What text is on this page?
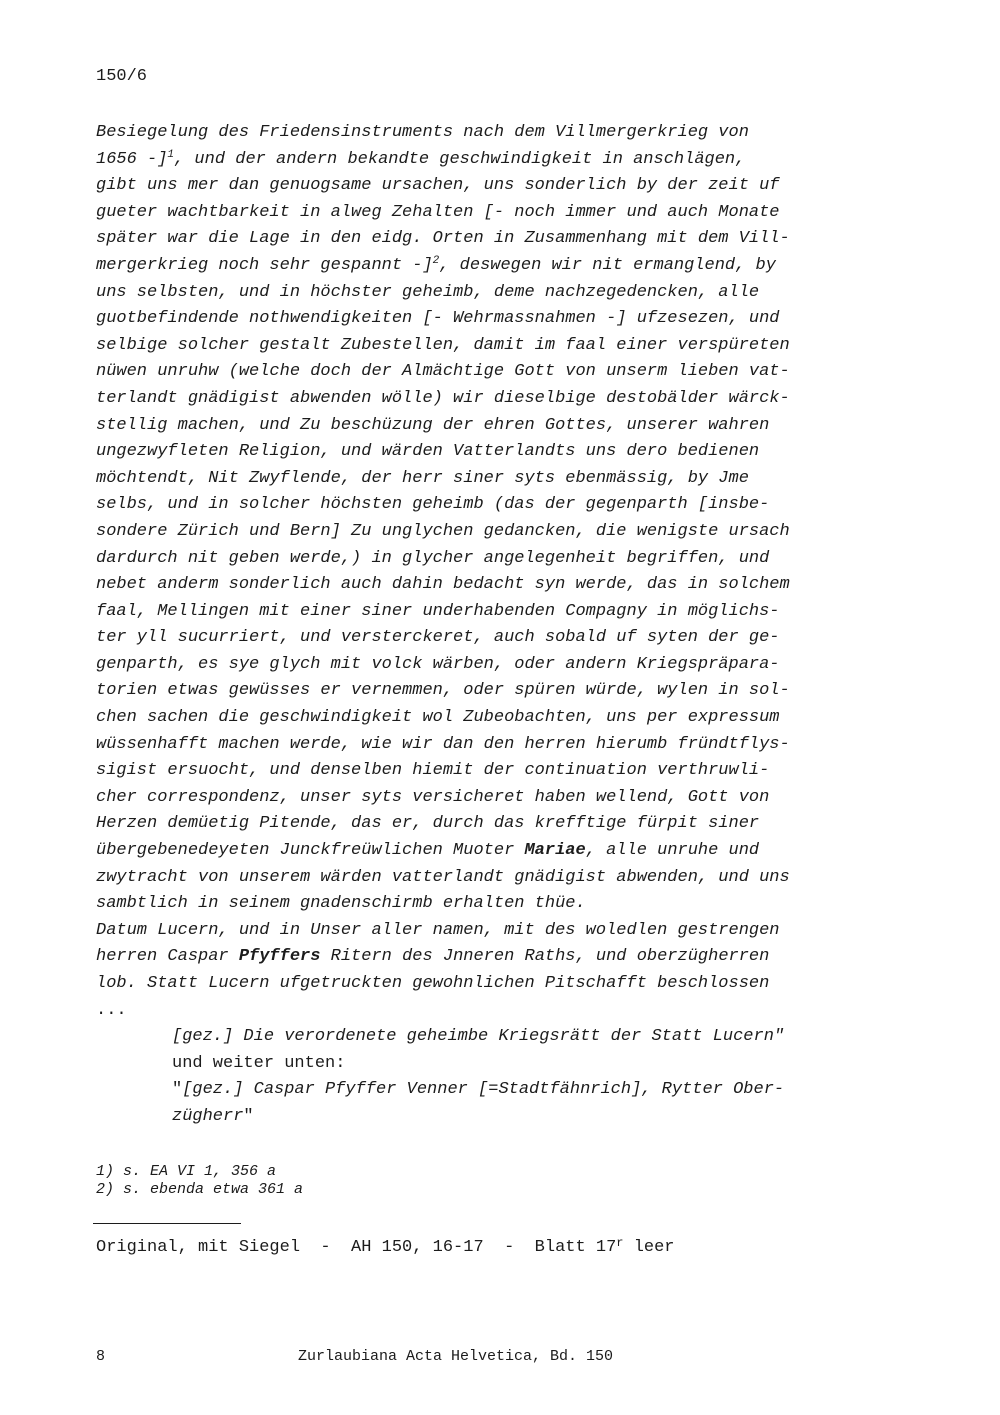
150/6
Besiegelung des Friedensinstruments nach dem Villmergerkrieg von
1656 -]$^1$, und der andern bekandte geschwindigkeit in anschlägen,
gibt uns mer dan genuogsame ursachen, uns sonderlich by der zeit uf
gueter wachtbarkeit in alweg Zehalten [- noch immer und auch Monate
später war die Lage in den eidg. Orten in Zusammenhang mit dem Vill-
mergerkrieg noch sehr gespannt -]$^2$, deswegen wir nit ermanglend, by
uns selbsten, und in höchster geheimb, deme nachzegedencken, alle
guotbefindende nothwendigkeiten [- Wehrmassnahmen -] ufzesezen, und
selbige solcher gestalt Zubestellen, damit im faal einer verspüreten
nüwen unruhw (welche doch der Almächtige Gott von unserm lieben vat-
terlandt gnädigist abwenden wölle) wir dieselbige destobälder wärck-
stellig machen, und Zu beschüzung der ehren Gottes, unserer wahren
ungezwyfleten Religion, und wärden Vatterlandts uns dero bedienen
möchtendt, Nit Zwyflende, der herr siner syts ebenmässig, by Jme
selbs, und in solcher höchsten geheimb (das der gegenparth [insbe-
sondere Zürich und Bern] Zu unglychen gedancken, die wenigste ursach
dardurch nit geben werde,) in glycher angelegenheit begriffen, und
nebet anderm sonderlich auch dahin bedacht syn werde, das in solchem
faal, Mellingen mit einer siner underhabenden Compagny in möglichs-
ter yll sucurriert, und versterckeret, auch sobald uf syten der ge-
genparth, es sye glych mit volck wärben, oder andern Kriegspräpara-
torien etwas gewüsses er vernemmen, oder spüren würde, wylen in sol-
chen sachen die geschwindigkeit wol Zubeobachten, uns per expressum
wüssenhafft machen werde, wie wir dan den herren hierumb fründtflys-
sigist ersuocht, und denselben hiemit der continuation verthruwli-
cher correspondenz, unser syts versicheret haben wellend, Gott von
Herzen demüetig Pitende, das er, durch das krefftige fürpit siner
übergebenedeyeten Junckfreüwlichen Muoter Mariae, alle unruhe und
zwytracht von unserem wärden vatterlandt gnädigist abwenden, und uns
sambtlich in seinem gnadenschirmb erhalten thüe.
Datum Lucern, und in Unser aller namen, mit des woledlen gestrengen
herren Caspar Pfyffers Ritern des Jnneren Raths, und oberzügherren
lob. Statt Lucern ufgetruckten gewohnlichen Pitschafft beschlossen
...
[gez.] Die verordenete geheimbe Kriegsrätt der Statt Lucern"
und weiter unten:
"[gez.] Caspar Pfyffer Venner [=Stadtfähnrich], Rytter Ober-
zügherr"
1) s. EA VI 1, 356 a
2) s. ebenda etwa 361 a
Original, mit Siegel  -  AH 150, 16-17  -  Blatt 17$^r$ leer
8	Zurlaubiana Acta Helvetica, Bd. 150
